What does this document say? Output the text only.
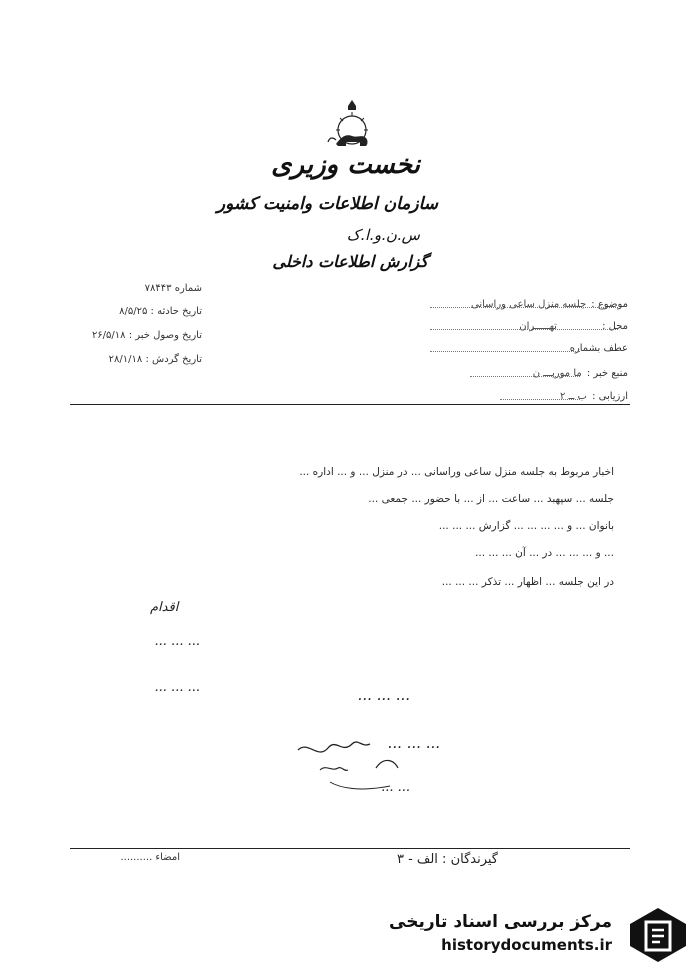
نخست وزیری
سازمان اطلاعات وامنیت کشور
س.ن.و.ا.ک
گزارش اطلاعات داخلی
موضوع : جلسه منزل ساعی وراسانی
محل : تهـــــران
عطف بشماره
منبع خبر : ما موریـــ ن
ارزیابی : ب ــ ۲
شماره ۷۸۴۴۳
تاریخ حادثه : ۸/۵/۲۵
تاریخ وصول خبر : ۲۶/۵/۱۸
تاریخ گردش : ۲۸/۱/۱۸
اخبار مربوط به جلسه منزل ساعی وراسانی ... در منزل ... و ... اداره ...
جلسه ... سپهبد ... ساعت ... از ... با حضور ... جمعی ...
بانوان ... و ... ... ... ... گزارش ... ... ...
... و ... ... ... در ... آن ... ... ...
در این جلسه ... اظهار ... تذکر ... ... ...
اقدام
... ... ...
... ... ...	... ... ...
... ... ...
... ...
امضاء ..........	گیرندگان : الف - ۳
مرکز بررسی اسناد تاریخی
historydocuments.ir
